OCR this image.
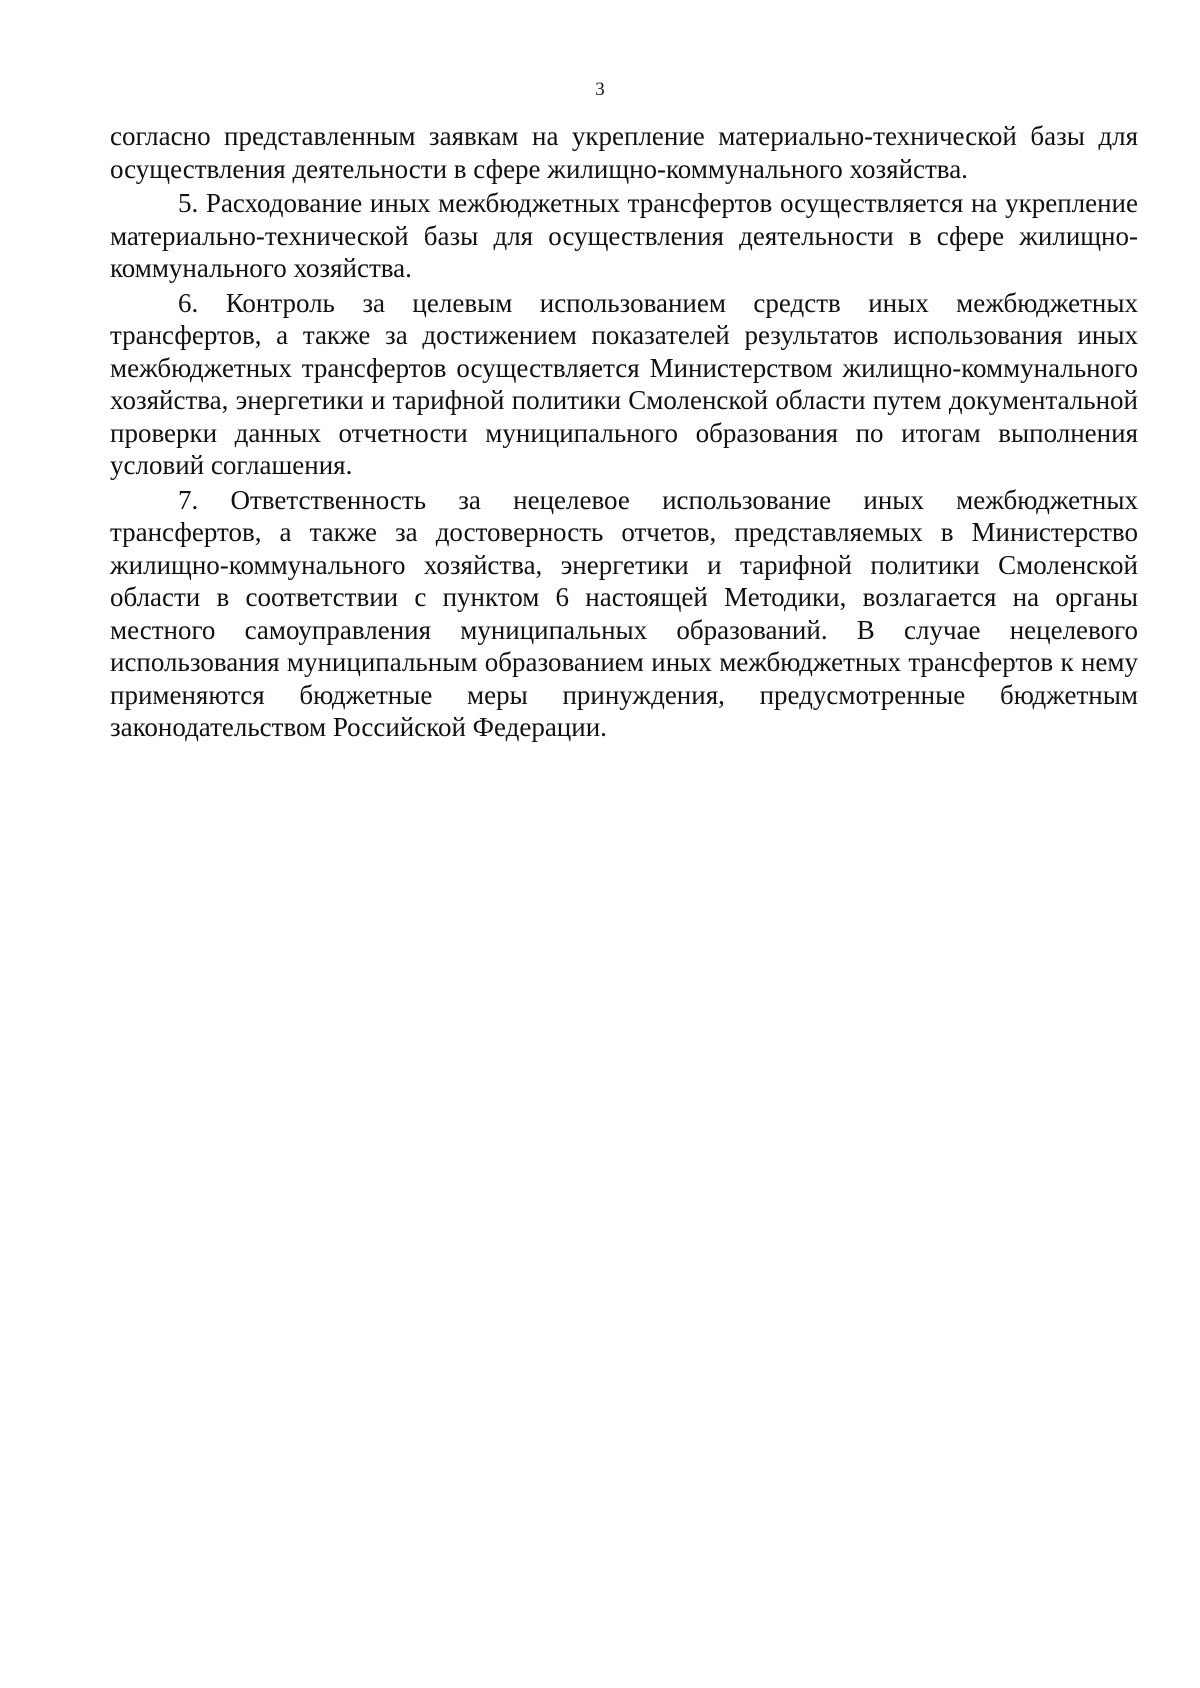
3

согласно представленным заявкам на укрепление материально-технической базы для осуществления деятельности в сфере жилищно-коммунального хозяйства.

5. Расходование иных межбюджетных трансфертов осуществляется на укрепление материально-технической базы для осуществления деятельности в сфере жилищно-коммунального хозяйства.

6. Контроль за целевым использованием средств иных межбюджетных трансфертов, а также за достижением показателей результатов использования иных межбюджетных трансфертов осуществляется Министерством жилищно-коммунального хозяйства, энергетики и тарифной политики Смоленской области путем документальной проверки данных отчетности муниципального образования по итогам выполнения условий соглашения.

7. Ответственность за нецелевое использование иных межбюджетных трансфертов, а также за достоверность отчетов, представляемых в Министерство жилищно-коммунального хозяйства, энергетики и тарифной политики Смоленской области в соответствии с пунктом 6 настоящей Методики, возлагается на органы местного самоуправления муниципальных образований. В случае нецелевого использования муниципальным образованием иных межбюджетных трансфертов к нему применяются бюджетные меры принуждения, предусмотренные бюджетным законодательством Российской Федерации.
